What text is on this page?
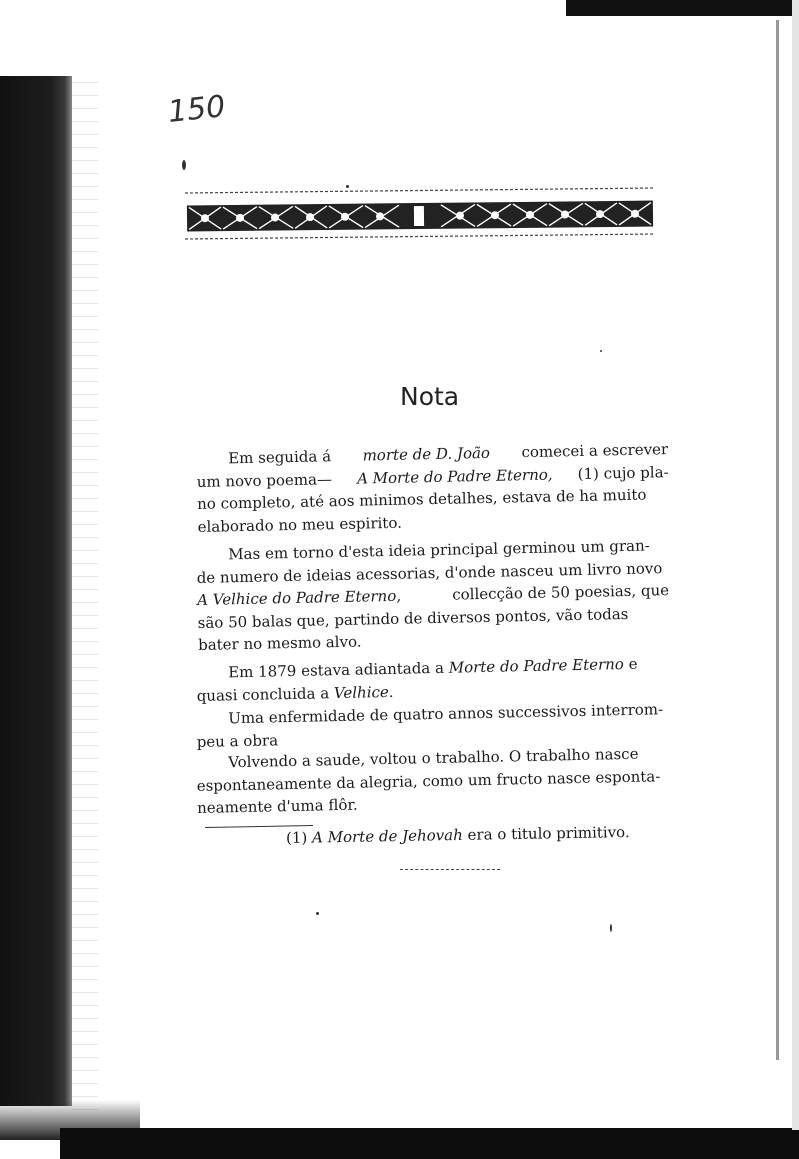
150
Nota
Em seguida á morte de D. João comecei a escrever
um novo poema— A Morte do Padre Eterno, (1) cujo pla-
no completo, até aos minimos detalhes, estava de ha muito
elaborado no meu espirito.
Mas em torno d'esta ideia principal germinou um gran-
de numero de ideias acessorias, d'onde nasceu um livro novo
A Velhice do Padre Eterno,	collecção de 50 poesias, que
são 50 balas que, partindo de diversos pontos, vão todas
bater no mesmo alvo.
Em 1879 estava adiantada a Morte do Padre Eterno e
quasi concluida a Velhice.
Uma enfermidade de quatro annos successivos interrom-
peu a obra
Volvendo a saude, voltou o trabalho. O trabalho nasce
espontaneamente da alegria, como um fructo nasce esponta-
neamente d'uma flôr.
(1) A Morte de Jehovah era o titulo primitivo.
